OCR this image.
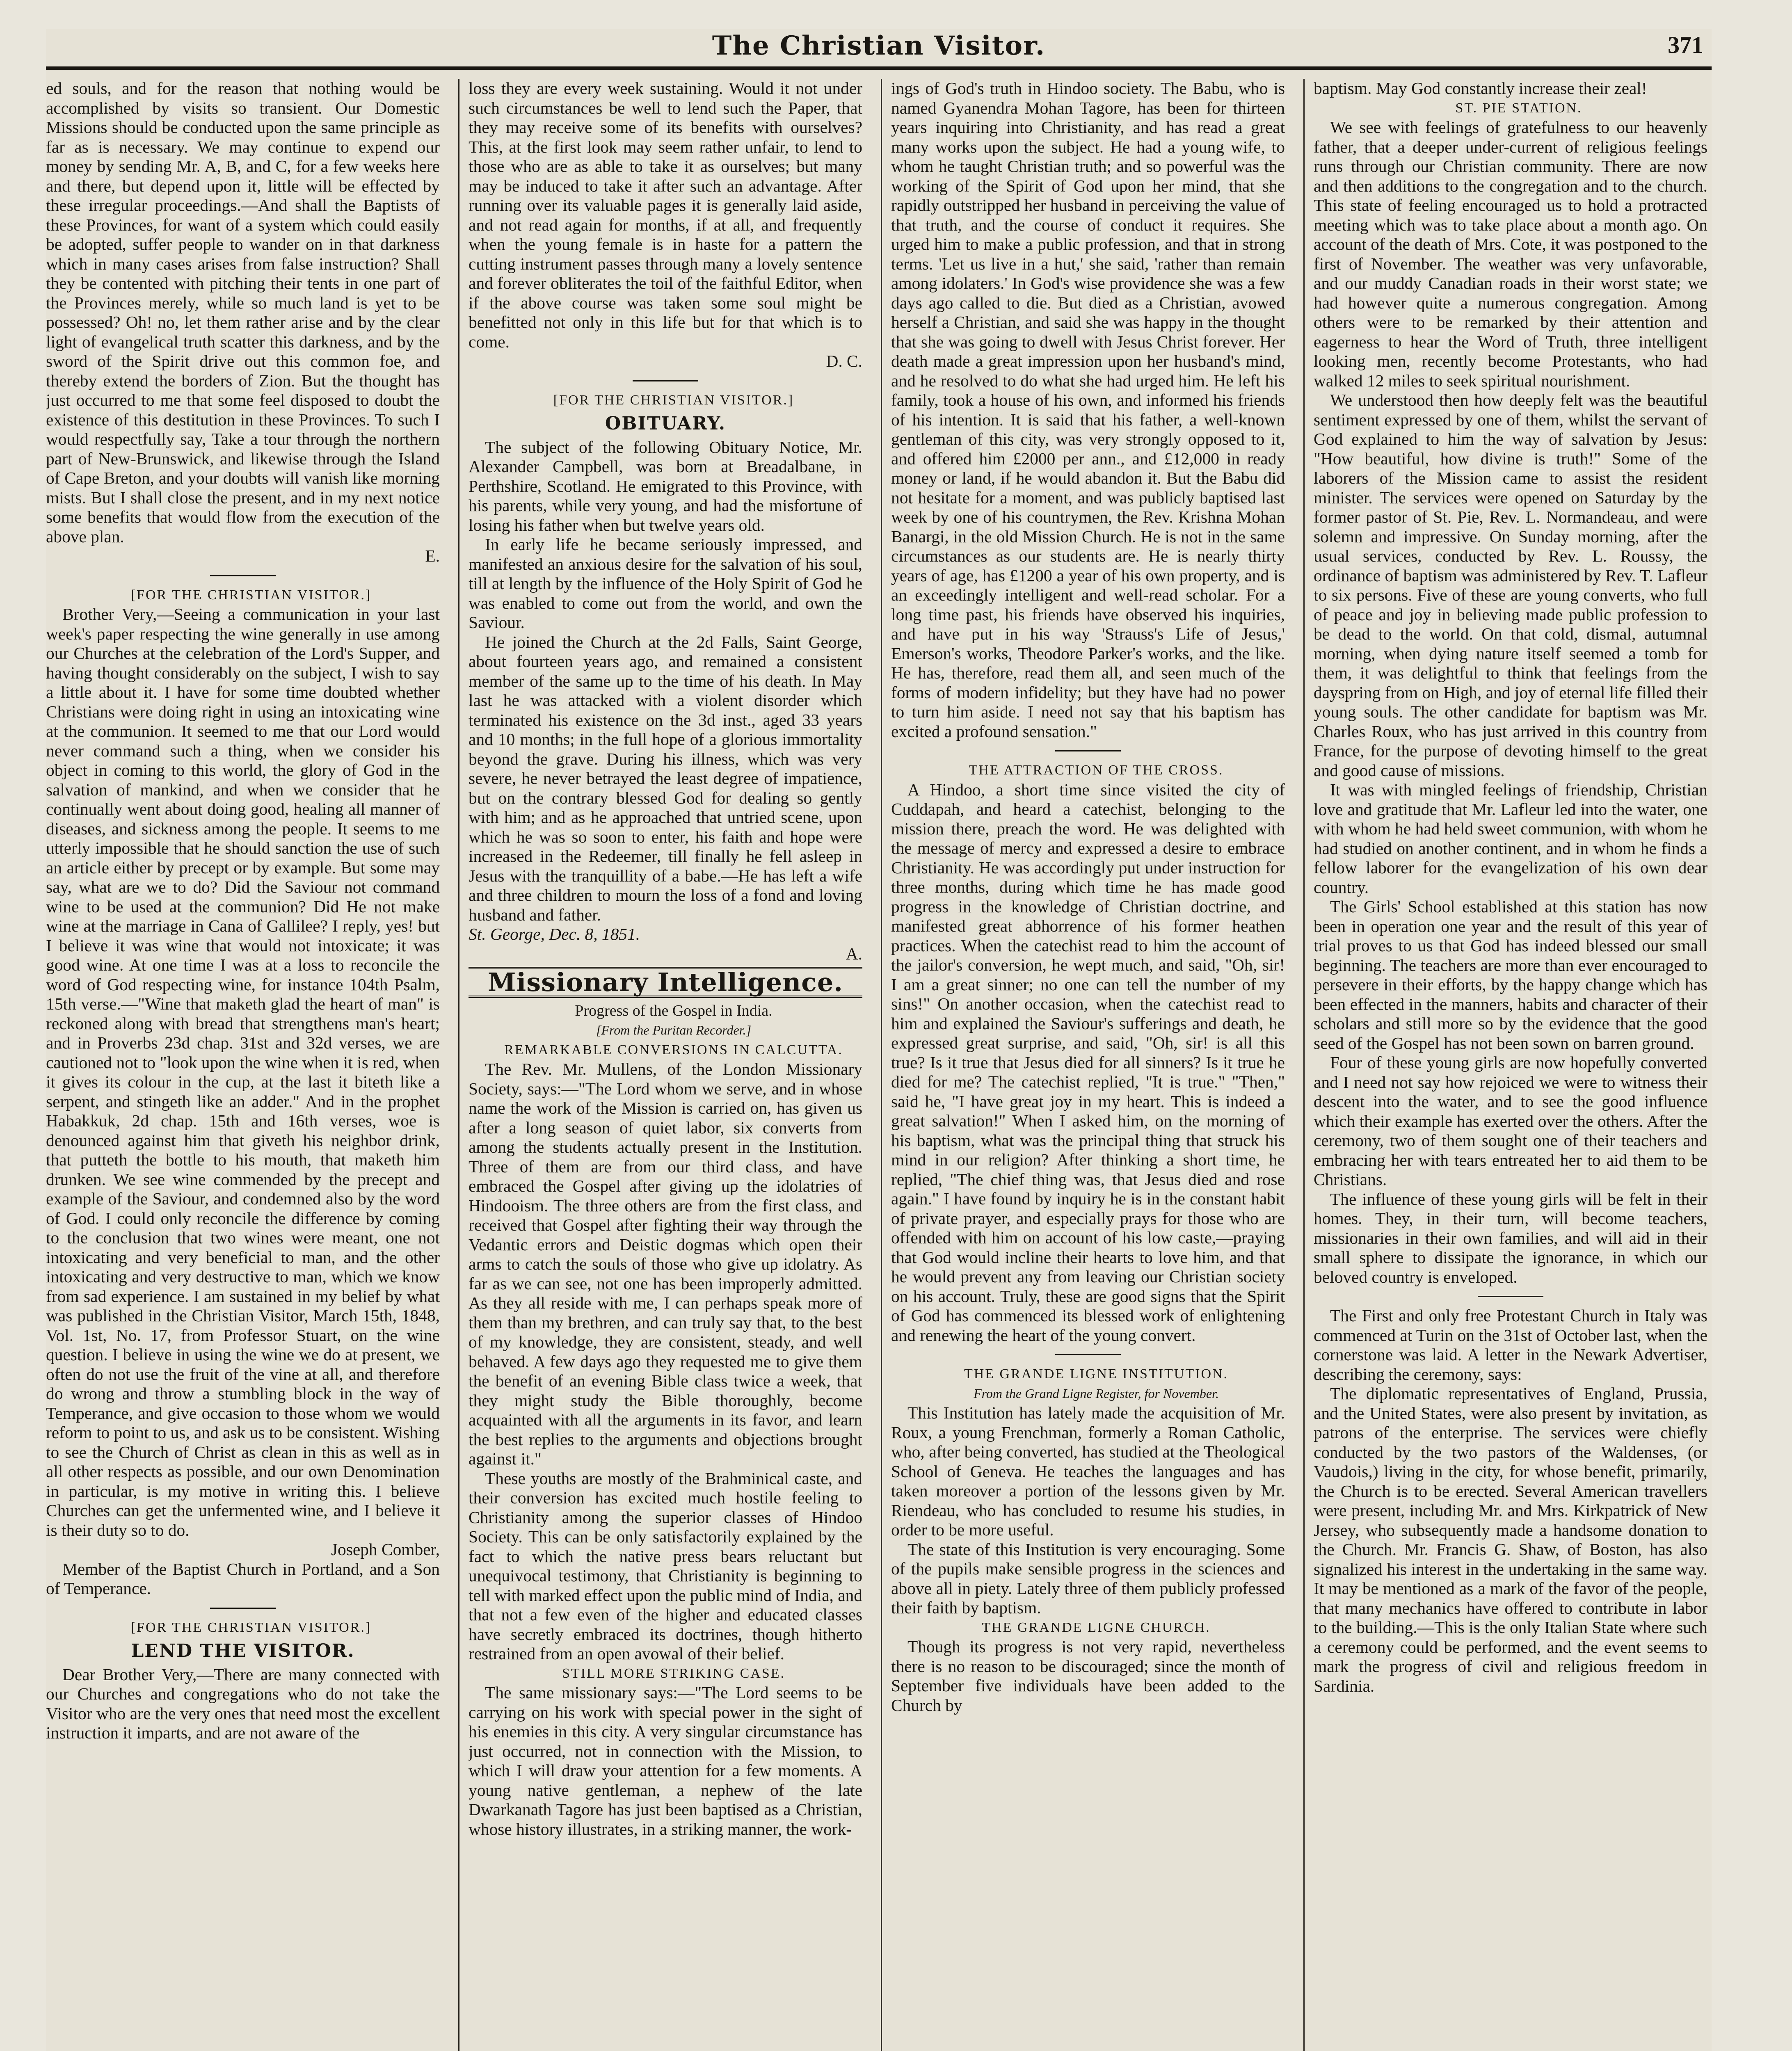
The Christian Visitor.	371

ed souls, and for the reason that nothing would be accomplished by visits so transient. Our Domestic Missions should be conducted upon the same principle as far as is necessary. We may continue to expend our money by sending Mr. A, B, and C, for a few weeks here and there, but depend upon it, little will be effected by these irregular proceedings.—And shall the Baptists of these Provinces, for want of a system which could easily be adopted, suffer people to wander on in that darkness which in many cases arises from false instruction? Shall they be contented with pitching their tents in one part of the Provinces merely, while so much land is yet to be possessed? Oh! no, let them rather arise and by the clear light of evangelical truth scatter this darkness, and by the sword of the Spirit drive out this common foe, and thereby extend the borders of Zion. But the thought has just occurred to me that some feel disposed to doubt the existence of this destitution in these Provinces. To such I would respectfully say, Take a tour through the northern part of New-Brunswick, and likewise through the Island of Cape Breton, and your doubts will vanish like morning mists. But I shall close the present, and in my next notice some benefits that would flow from the execution of the above plan.

E.

[FOR THE CHRISTIAN VISITOR.]

Brother Very,—Seeing a communication in your last week's paper respecting the wine generally in use among our Churches at the celebration of the Lord's Supper, and having thought considerably on the subject, I wish to say a little about it. I have for some time doubted whether Christians were doing right in using an intoxicating wine at the communion. It seemed to me that our Lord would never command such a thing, when we consider his object in coming to this world, the glory of God in the salvation of mankind, and when we consider that he continually went about doing good, healing all manner of diseases, and sickness among the people. It seems to me utterly impossible that he should sanction the use of such an article either by precept or by example. But some may say, what are we to do? Did the Saviour not command wine to be used at the communion? Did He not make wine at the marriage in Cana of Gallilee? I reply, yes! but I believe it was wine that would not intoxicate; it was good wine. At one time I was at a loss to reconcile the word of God respecting wine, for instance 104th Psalm, 15th verse.—"Wine that maketh glad the heart of man" is reckoned along with bread that strengthens man's heart; and in Proverbs 23d chap. 31st and 32d verses, we are cautioned not to "look upon the wine when it is red, when it gives its colour in the cup, at the last it biteth like a serpent, and stingeth like an adder." And in the prophet Habakkuk, 2d chap. 15th and 16th verses, woe is denounced against him that giveth his neighbor drink, that putteth the bottle to his mouth, that maketh him drunken. We see wine commended by the precept and example of the Saviour, and condemned also by the word of God. I could only reconcile the difference by coming to the conclusion that two wines were meant, one not intoxicating and very beneficial to man, and the other intoxicating and very destructive to man, which we know from sad experience. I am sustained in my belief by what was published in the Christian Visitor, March 15th, 1848, Vol. 1st, No. 17, from Professor Stuart, on the wine question. I believe in using the wine we do at present, we often do not use the fruit of the vine at all, and therefore do wrong and throw a stumbling block in the way of Temperance, and give occasion to those whom we would reform to point to us, and ask us to be consistent. Wishing to see the Church of Christ as clean in this as well as in all other respects as possible, and our own Denomination in particular, is my motive in writing this. I believe Churches can get the unfermented wine, and I believe it is their duty so to do.

Joseph Comber,

Member of the Baptist Church in Portland, and a Son of Temperance.

[FOR THE CHRISTIAN VISITOR.]

LEND THE VISITOR.

Dear Brother Very,—There are many connected with our Churches and congregations who do not take the Visitor who are the very ones that need most the excellent instruction it imparts, and are not aware of the

loss they are every week sustaining. Would it not under such circumstances be well to lend such the Paper, that they may receive some of its benefits with ourselves? This, at the first look may seem rather unfair, to lend to those who are as able to take it as ourselves; but many may be induced to take it after such an advantage. After running over its valuable pages it is generally laid aside, and not read again for months, if at all, and frequently when the young female is in haste for a pattern the cutting instrument passes through many a lovely sentence and forever obliterates the toil of the faithful Editor, when if the above course was taken some soul might be benefitted not only in this life but for that which is to come.

D. C.

[FOR THE CHRISTIAN VISITOR.]

OBITUARY.

The subject of the following Obituary Notice, Mr. Alexander Campbell, was born at Breadalbane, in Perthshire, Scotland. He emigrated to this Province, with his parents, while very young, and had the misfortune of losing his father when but twelve years old.

In early life he became seriously impressed, and manifested an anxious desire for the salvation of his soul, till at length by the influence of the Holy Spirit of God he was enabled to come out from the world, and own the Saviour.

He joined the Church at the 2d Falls, Saint George, about fourteen years ago, and remained a consistent member of the same up to the time of his death. In May last he was attacked with a violent disorder which terminated his existence on the 3d inst., aged 33 years and 10 months; in the full hope of a glorious immortality beyond the grave. During his illness, which was very severe, he never betrayed the least degree of impatience, but on the contrary blessed God for dealing so gently with him; and as he approached that untried scene, upon which he was so soon to enter, his faith and hope were increased in the Redeemer, till finally he fell asleep in Jesus with the tranquillity of a babe.—He has left a wife and three children to mourn the loss of a fond and loving husband and father.

St. George, Dec. 8, 1851.

A.

Missionary Intelligence.

Progress of the Gospel in India.

[From the Puritan Recorder.]

REMARKABLE CONVERSIONS IN CALCUTTA.

The Rev. Mr. Mullens, of the London Missionary Society, says:—"The Lord whom we serve, and in whose name the work of the Mission is carried on, has given us after a long season of quiet labor, six converts from among the students actually present in the Institution. Three of them are from our third class, and have embraced the Gospel after giving up the idolatries of Hindooism. The three others are from the first class, and received that Gospel after fighting their way through the Vedantic errors and Deistic dogmas which open their arms to catch the souls of those who give up idolatry. As far as we can see, not one has been improperly admitted. As they all reside with me, I can perhaps speak more of them than my brethren, and can truly say that, to the best of my knowledge, they are consistent, steady, and well behaved. A few days ago they requested me to give them the benefit of an evening Bible class twice a week, that they might study the Bible thoroughly, become acquainted with all the arguments in its favor, and learn the best replies to the arguments and objections brought against it."

These youths are mostly of the Brahminical caste, and their conversion has excited much hostile feeling to Christianity among the superior classes of Hindoo Society. This can be only satisfactorily explained by the fact to which the native press bears reluctant but unequivocal testimony, that Christianity is beginning to tell with marked effect upon the public mind of India, and that not a few even of the higher and educated classes have secretly embraced its doctrines, though hitherto restrained from an open avowal of their belief.

STILL MORE STRIKING CASE.

The same missionary says:—"The Lord seems to be carrying on his work with special power in the sight of his enemies in this city. A very singular circumstance has just occurred, not in connection with the Mission, to which I will draw your attention for a few moments. A young native gentleman, a nephew of the late Dwarkanath Tagore has just been baptised as a Christian, whose history illustrates, in a striking manner, the work-

ings of God's truth in Hindoo society. The Babu, who is named Gyanendra Mohan Tagore, has been for thirteen years inquiring into Christianity, and has read a great many works upon the subject. He had a young wife, to whom he taught Christian truth; and so powerful was the working of the Spirit of God upon her mind, that she rapidly outstripped her husband in perceiving the value of that truth, and the course of conduct it requires. She urged him to make a public profession, and that in strong terms. 'Let us live in a hut,' she said, 'rather than remain among idolaters.' In God's wise providence she was a few days ago called to die. But died as a Christian, avowed herself a Christian, and said she was happy in the thought that she was going to dwell with Jesus Christ forever. Her death made a great impression upon her husband's mind, and he resolved to do what she had urged him. He left his family, took a house of his own, and informed his friends of his intention. It is said that his father, a well-known gentleman of this city, was very strongly opposed to it, and offered him £2000 per ann., and £12,000 in ready money or land, if he would abandon it. But the Babu did not hesitate for a moment, and was publicly baptised last week by one of his countrymen, the Rev. Krishna Mohan Banargi, in the old Mission Church. He is not in the same circumstances as our students are. He is nearly thirty years of age, has £1200 a year of his own property, and is an exceedingly intelligent and well-read scholar. For a long time past, his friends have observed his inquiries, and have put in his way 'Strauss's Life of Jesus,' Emerson's works, Theodore Parker's works, and the like. He has, therefore, read them all, and seen much of the forms of modern infidelity; but they have had no power to turn him aside. I need not say that his baptism has excited a profound sensation."

THE ATTRACTION OF THE CROSS.

A Hindoo, a short time since visited the city of Cuddapah, and heard a catechist, belonging to the mission there, preach the word. He was delighted with the message of mercy and expressed a desire to embrace Christianity. He was accordingly put under instruction for three months, during which time he has made good progress in the knowledge of Christian doctrine, and manifested great abhorrence of his former heathen practices. When the catechist read to him the account of the jailor's conversion, he wept much, and said, "Oh, sir! I am a great sinner; no one can tell the number of my sins!" On another occasion, when the catechist read to him and explained the Saviour's sufferings and death, he expressed great surprise, and said, "Oh, sir! is all this true? Is it true that Jesus died for all sinners? Is it true he died for me? The catechist replied, "It is true." "Then," said he, "I have great joy in my heart. This is indeed a great salvation!" When I asked him, on the morning of his baptism, what was the principal thing that struck his mind in our religion? After thinking a short time, he replied, "The chief thing was, that Jesus died and rose again." I have found by inquiry he is in the constant habit of private prayer, and especially prays for those who are offended with him on account of his low caste,—praying that God would incline their hearts to love him, and that he would prevent any from leaving our Christian society on his account. Truly, these are good signs that the Spirit of God has commenced its blessed work of enlightening and renewing the heart of the young convert.

THE GRANDE LIGNE INSTITUTION.

From the Grand Ligne Register, for November.

This Institution has lately made the acquisition of Mr. Roux, a young Frenchman, formerly a Roman Catholic, who, after being converted, has studied at the Theological School of Geneva. He teaches the languages and has taken moreover a portion of the lessons given by Mr. Riendeau, who has concluded to resume his studies, in order to be more useful.

The state of this Institution is very encouraging. Some of the pupils make sensible progress in the sciences and above all in piety. Lately three of them publicly professed their faith by baptism.

THE GRANDE LIGNE CHURCH.

Though its progress is not very rapid, nevertheless there is no reason to be discouraged; since the month of September five individuals have been added to the Church by

baptism. May God constantly increase their zeal!

ST. PIE STATION.

We see with feelings of gratefulness to our heavenly father, that a deeper under-current of religious feelings runs through our Christian community. There are now and then additions to the congregation and to the church. This state of feeling encouraged us to hold a protracted meeting which was to take place about a month ago. On account of the death of Mrs. Cote, it was postponed to the first of November. The weather was very unfavorable, and our muddy Canadian roads in their worst state; we had however quite a numerous congregation. Among others were to be remarked by their attention and eagerness to hear the Word of Truth, three intelligent looking men, recently become Protestants, who had walked 12 miles to seek spiritual nourishment.

We understood then how deeply felt was the beautiful sentiment expressed by one of them, whilst the servant of God explained to him the way of salvation by Jesus: "How beautiful, how divine is truth!" Some of the laborers of the Mission came to assist the resident minister. The services were opened on Saturday by the former pastor of St. Pie, Rev. L. Normandeau, and were solemn and impressive. On Sunday morning, after the usual services, conducted by Rev. L. Roussy, the ordinance of baptism was administered by Rev. T. Lafleur to six persons. Five of these are young converts, who full of peace and joy in believing made public profession to be dead to the world. On that cold, dismal, autumnal morning, when dying nature itself seemed a tomb for them, it was delightful to think that feelings from the dayspring from on High, and joy of eternal life filled their young souls. The other candidate for baptism was Mr. Charles Roux, who has just arrived in this country from France, for the purpose of devoting himself to the great and good cause of missions.

It was with mingled feelings of friendship, Christian love and gratitude that Mr. Lafleur led into the water, one with whom he had held sweet communion, with whom he had studied on another continent, and in whom he finds a fellow laborer for the evangelization of his own dear country.

The Girls' School established at this station has now been in operation one year and the result of this year of trial proves to us that God has indeed blessed our small beginning. The teachers are more than ever encouraged to persevere in their efforts, by the happy change which has been effected in the manners, habits and character of their scholars and still more so by the evidence that the good seed of the Gospel has not been sown on barren ground.

Four of these young girls are now hopefully converted and I need not say how rejoiced we were to witness their descent into the water, and to see the good influence which their example has exerted over the others. After the ceremony, two of them sought one of their teachers and embracing her with tears entreated her to aid them to be Christians.

The influence of these young girls will be felt in their homes. They, in their turn, will become teachers, missionaries in their own families, and will aid in their small sphere to dissipate the ignorance, in which our beloved country is enveloped.

The First and only free Protestant Church in Italy was commenced at Turin on the 31st of October last, when the cornerstone was laid. A letter in the Newark Advertiser, describing the ceremony, says:

The diplomatic representatives of England, Prussia, and the United States, were also present by invitation, as patrons of the enterprise. The services were chiefly conducted by the two pastors of the Waldenses, (or Vaudois,) living in the city, for whose benefit, primarily, the Church is to be erected. Several American travellers were present, including Mr. and Mrs. Kirkpatrick of New Jersey, who subsequently made a handsome donation to the Church. Mr. Francis G. Shaw, of Boston, has also signalized his interest in the undertaking in the same way. It may be mentioned as a mark of the favor of the people, that many mechanics have offered to contribute in labor to the building.—This is the only Italian State where such a ceremony could be performed, and the event seems to mark the progress of civil and religious freedom in Sardinia.
